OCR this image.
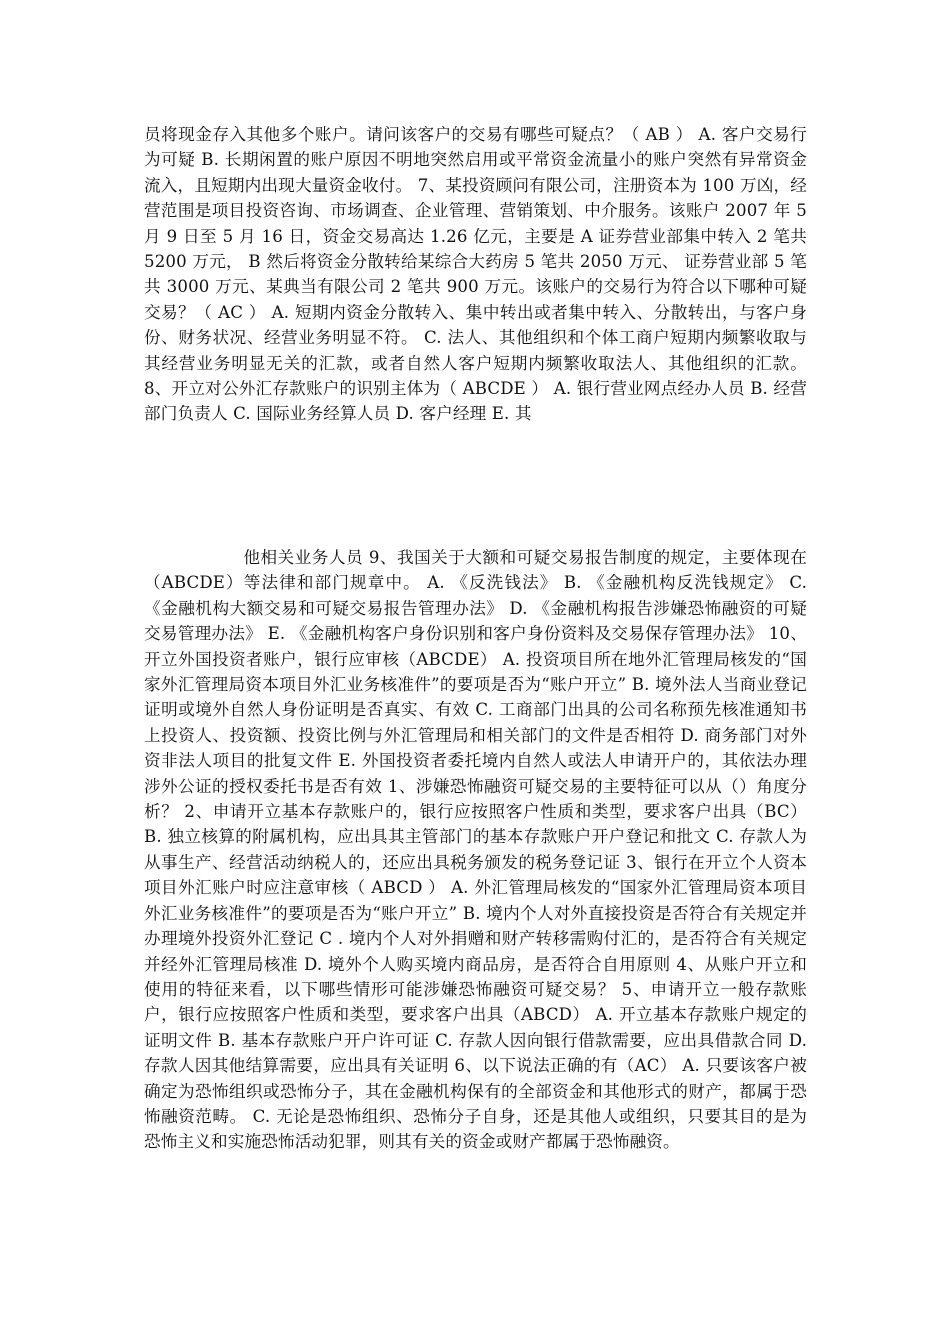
员将现金存入其他多个账户。请问该客户的交易有哪些可疑点？（ AB ） A. 客户交易行为可疑 B. 长期闲置的账户原因不明地突然启用或平常资金流量小的账户突然有异常资金流入，且短期内出现大量资金收付。 7、某投资顾问有限公司，注册资本为 100 万凶，经营范围是项目投资咨询、市场调查、企业管理、营销策划、中介服务。该账户 2007 年 5 月 9 日至 5 月 16 日，资金交易高达 1.26 亿元，主要是 A 证券营业部集中转入 2 笔共 5200 万元， B 然后将资金分散转给某综合大药房 5 笔共 2050 万元、 证券营业部 5 笔共 3000 万元、某典当有限公司 2 笔共 900 万元。该账户的交易行为符合以下哪种可疑交易？（ AC ） A. 短期内资金分散转入、集中转出或者集中转入、分散转出，与客户身份、财务状况、经营业务明显不符。 C. 法人、其他组织和个体工商户短期内频繁收取与其经营业务明显无关的汇款，或者自然人客户短期内频繁收取法人、其他组织的汇款。 8、开立对公外汇存款账户的识别主体为（ ABCDE ） A. 银行营业网点经办人员 B. 经营部门负责人 C. 国际业务经算人员 D. 客户经理 E. 其
他相关业务人员 9、我国关于大额和可疑交易报告制度的规定，主要体现在（ABCDE）等法律和部门规章中。 A. 《反洗钱法》 B. 《金融机构反洗钱规定》 C. 《金融机构大额交易和可疑交易报告管理办法》 D. 《金融机构报告涉嫌恐怖融资的可疑交易管理办法》 E. 《金融机构客户身份识别和客户身份资料及交易保存管理办法》 10、开立外国投资者账户，银行应审核（ABCDE） A. 投资项目所在地外汇管理局核发的“国家外汇管理局资本项目外汇业务核准件”的要项是否为“账户开立” B. 境外法人当商业登记证明或境外自然人身份证明是否真实、有效 C. 工商部门出具的公司名称预先核准通知书上投资人、投资额、投资比例与外汇管理局和相关部门的文件是否相符 D. 商务部门对外资非法人项目的批复文件 E. 外国投资者委托境内自然人或法人申请开户的，其依法办理涉外公证的授权委托书是否有效 1、涉嫌恐怖融资可疑交易的主要特征可以从（）角度分析？ 2、申请开立基本存款账户的，银行应按照客户性质和类型，要求客户出具（BC） B. 独立核算的附属机构，应出具其主管部门的基本存款账户开户登记和批文 C. 存款人为从事生产、经营活动纳税人的，还应出具税务颁发的税务登记证 3、银行在开立个人资本项目外汇账户时应注意审核（ ABCD ） A. 外汇管理局核发的“国家外汇管理局资本项目外汇业务核准件”的要项是否为“账户开立” B. 境内个人对外直接投资是否符合有关规定并办理境外投资外汇登记 C . 境内个人对外捐赠和财产转移需购付汇的，是否符合有关规定并经外汇管理局核准 D. 境外个人购买境内商品房，是否符合自用原则 4、从账户开立和使用的特征来看，以下哪些情形可能涉嫌恐怖融资可疑交易？ 5、申请开立一般存款账户，银行应按照客户性质和类型，要求客户出具（ABCD） A. 开立基本存款账户规定的证明文件 B. 基本存款账户开户许可证 C. 存款人因向银行借款需要，应出具借款合同 D. 存款人因其他结算需要，应出具有关证明 6、以下说法正确的有（AC） A. 只要该客户被确定为恐怖组织或恐怖分子，其在金融机构保有的全部资金和其他形式的财产，都属于恐怖融资范畴。 C. 无论是恐怖组织、恐怖分子自身，还是其他人或组织，只要其目的是为恐怖主义和实施恐怖活动犯罪，则其有关的资金或财产都属于恐怖融资。
